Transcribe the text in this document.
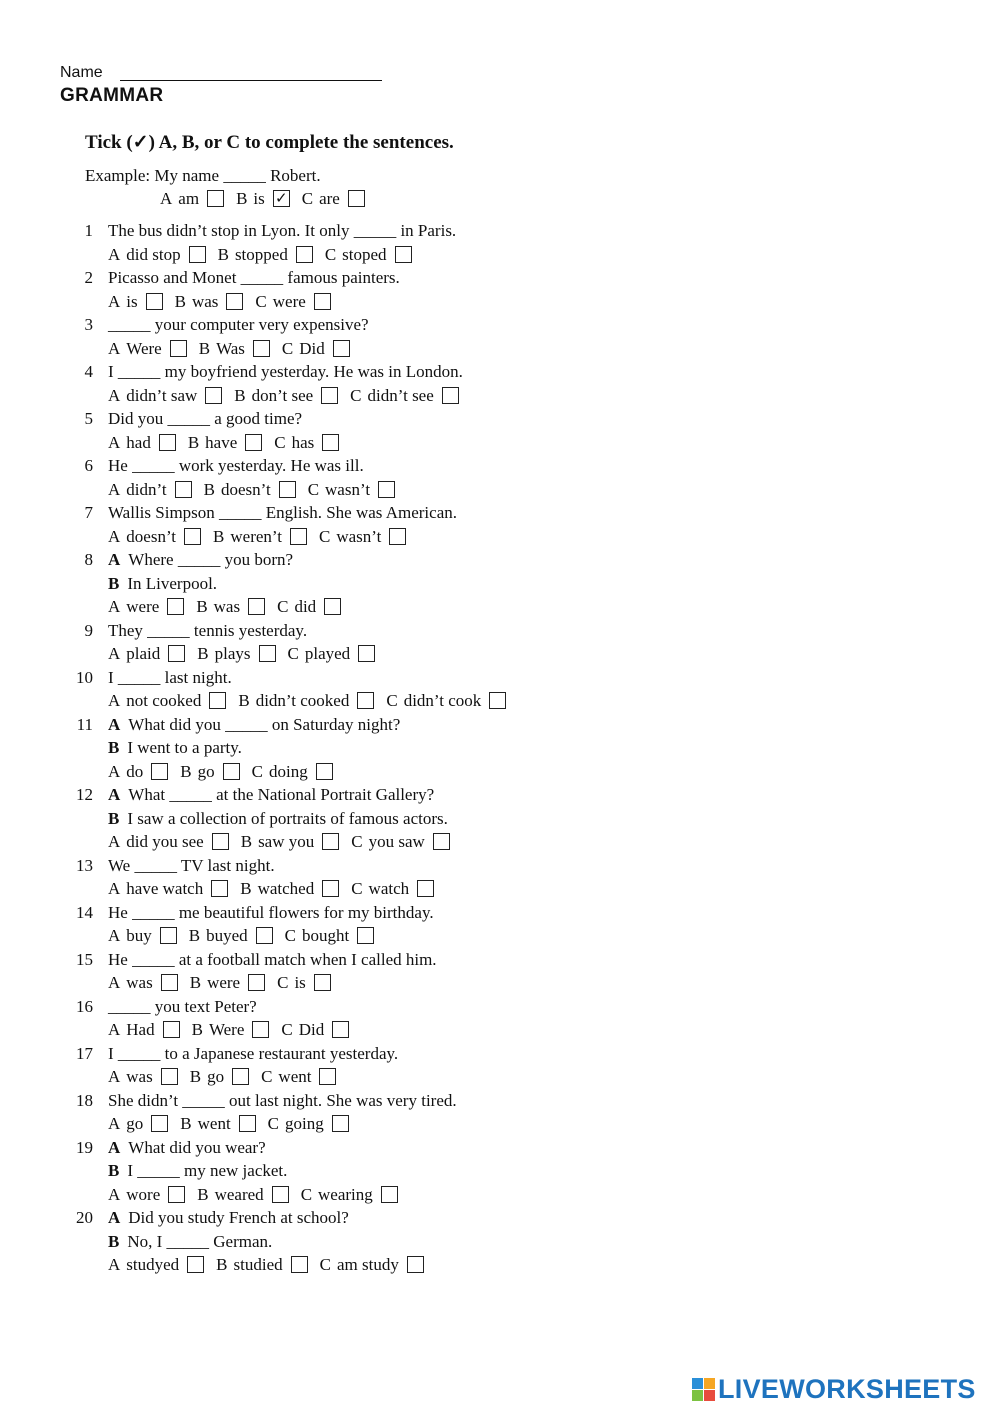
Name
GRAMMAR
Tick (✓) A, B, or C to complete the sentences.
Example: My name _____ Robert.
A am B is ✓ C are
1 The bus didn’t stop in Lyon. It only _____ in Paris.
A did stop B stopped C stoped
2 Picasso and Monet _____ famous painters.
A is B was C were
3 _____ your computer very expensive?
A Were B Was C Did
4 I _____ my boyfriend yesterday. He was in London.
A didn’t saw B don’t see C didn’t see
5 Did you _____ a good time?
A had B have C has
6 He _____ work yesterday. He was ill.
A didn’t B doesn’t C wasn’t
7 Wallis Simpson _____ English. She was American.
A doesn’t B weren’t C wasn’t
8 A Where _____ you born?
B In Liverpool.
A were B was C did
9 They _____ tennis yesterday.
A plaid B plays C played
10 I _____ last night.
A not cooked B didn’t cooked C didn’t cook
11 A What did you _____ on Saturday night?
B I went to a party.
A do B go C doing
12 A What _____ at the National Portrait Gallery?
B I saw a collection of portraits of famous actors.
A did you see B saw you C you saw
13 We _____ TV last night.
A have watch B watched C watch
14 He _____ me beautiful flowers for my birthday.
A buy B buyed C bought
15 He _____ at a football match when I called him.
A was B were C is
16 _____ you text Peter?
A Had B Were C Did
17 I _____ to a Japanese restaurant yesterday.
A was B go C went
18 She didn’t _____ out last night. She was very tired.
A go B went C going
19 A What did you wear?
B I _____ my new jacket.
A wore B weared C wearing
20 A Did you study French at school?
B No, I _____ German.
A studyed B studied C am study
LIVEWORKSHEETS
